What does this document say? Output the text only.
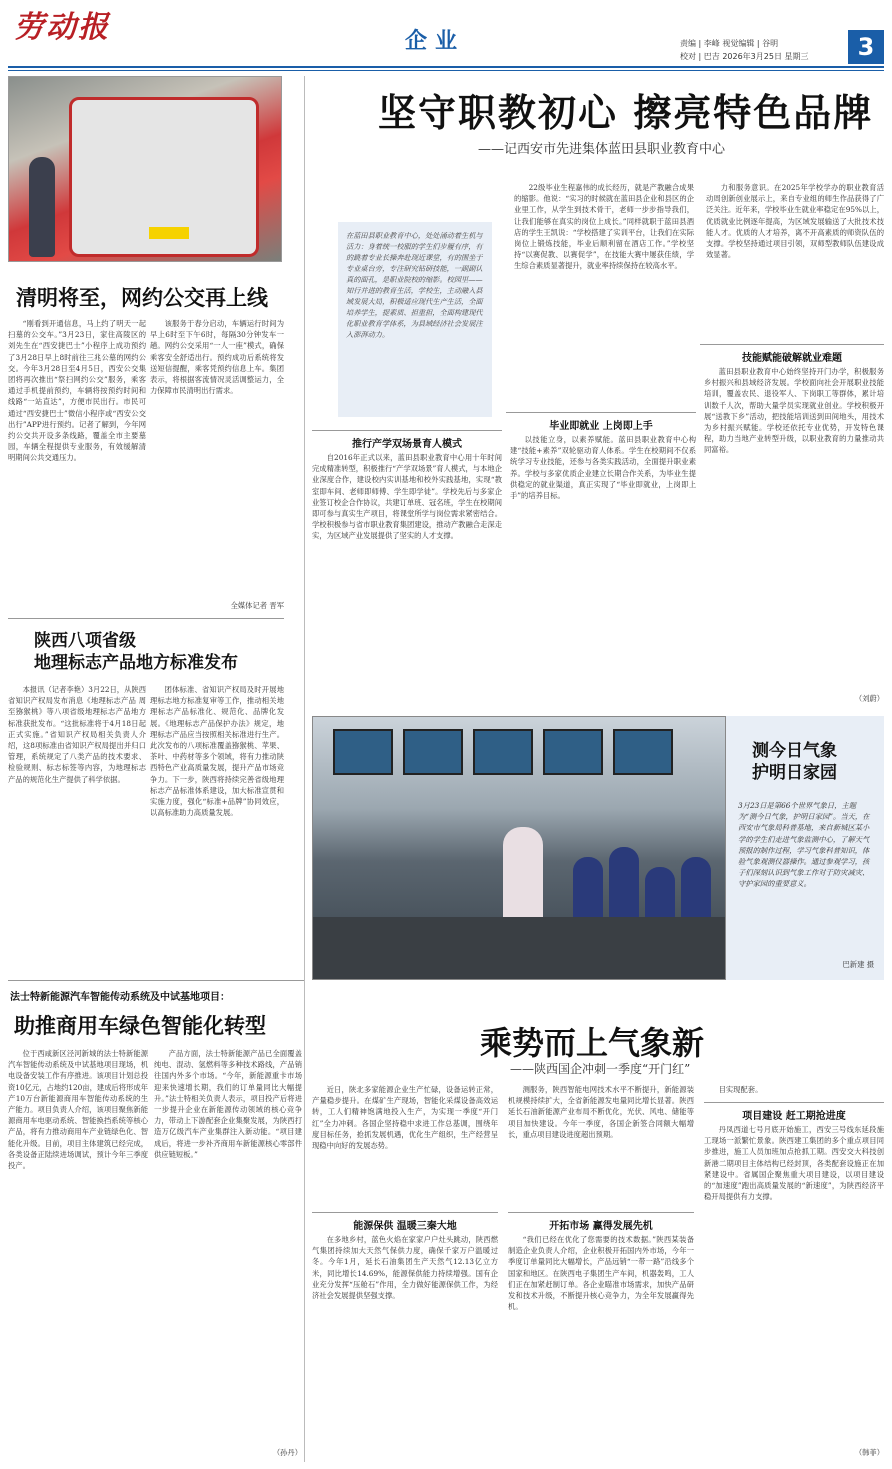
劳动报	企业	责编 | 李峰 视觉编辑 | 谷明
校对 | 巴吉 2026年3月25日 星期三	3
清明将至，网约公交再上线

“刚看到开通信息，马上约了明天一起扫墓的公交车。”3月23日，家住高陵区的刘先生在“西安捷巴士”小程序上成功预约了3月28日早上8时前往三兆公墓的网约公交。今年3月28日至4月5日，西安公交集团将再次推出“祭扫网约公交”服务，乘客通过手机提前预约，车辆将按预约时间和线路“一站直达”，方便市民出行。市民可通过“西安捷巴士”微信小程序或“西安公交出行”APP进行预约。记者了解到，今年网约公交共开设多条线路，覆盖全市主要墓园，车辆全程提供专业服务，有效缓解清明期间公共交通压力。

该服务于春分启动，车辆运行时间为早上6时至下午6时，每隔30分钟发车一趟。网约公交采用“一人一座”模式，确保乘客安全舒适出行。预约成功后系统将发送短信提醒，乘客凭预约信息上车。集团表示，将根据客流情况灵活调整运力，全力保障市民清明出行需求。

全媒体记者 晋军
陕西八项省级
地理标志产品地方标准发布

本报讯（记者李艳）3月22日，从陕西省知识产权局发布消息《地理标志产品 周至猕猴桃》等八项省级地理标志产品地方标准获批发布。“这批标准将于4月18日起正式实施。”省知识产权局相关负责人介绍，这8项标准由省知识产权局提出并归口管理，系统规定了八类产品的技术要求、检验规则、标志标签等内容，为地理标志产品的规范化生产提供了科学依据。

团体标准、省知识产权局及时开展地理标志地方标准复审等工作，推动相关地理标志产品标准化、规范化、品牌化发展。《地理标志产品保护办法》规定，地理标志产品应当按照相关标准进行生产。此次发布的八项标准覆盖猕猴桃、苹果、茶叶、中药材等多个领域，将有力推动陕西特色产业高质量发展，提升产品市场竞争力。下一步，陕西将持续完善省级地理标志产品标准体系建设，加大标准宣贯和实施力度，强化“标准+品牌”协同效应，以高标准助力高质量发展。

法士特新能源汽车智能传动系统及中试基地项目：
助推商用车绿色智能化转型

位于西咸新区泾河新城的法士特新能源汽车智能传动系统及中试基地项目现场，机电设备安装工作有序推进。该项目计划总投资10亿元，占地约120亩，建成后将形成年产10万台新能源商用车智能传动系统的生产能力。项目负责人介绍，该项目聚焦新能源商用车电驱动系统、智能换挡系统等核心产品，将有力推动商用车产业链绿色化、智能化升级。目前，项目主体建筑已经完成，各类设备正陆续进场调试，预计今年三季度投产。

产品方面，法士特新能源产品已全面覆盖纯电、混动、氢燃料等多种技术路线，产品销往国内外多个市场。“今年，新能源重卡市场迎来快速增长期，我们的订单量同比大幅提升。”法士特相关负责人表示，项目投产后将进一步提升企业在新能源传动领域的核心竞争力，带动上下游配套企业集聚发展，为陕西打造万亿级汽车产业集群注入新动能。“项目建成后，将进一步补齐商用车新能源核心零部件供应链短板。”

（孙丹）
坚守职教初心 擦亮特色品牌
——记西安市先进集体蓝田县职业教育中心
在蓝田县职业教育中心，处处涌动着生机与活力：身着统一校服的学生们步履有序，有的跳着专业长操奔赴现近课堂，有的围坐于专业桌台旁，专注研究钻研技能，一副副认真的面孔，是职业院校的缩影。校园里——知行并进的教育生活，学校生，主动融入县域发展大局，积极适应现代生产生活，全面培养学生，提素质、担重担，全面构建现代化职业教育学体系，为县域经济社会发展注入澎湃动力。

22级毕业生程嘉伟的成长经历，就是产教融合成果的缩影。他说：“实习的时候就在蓝田县企业和县区的企业里工作，从学生到技术骨干，老师一步步指导我们，让我们能够在真实的岗位上成长。”同样就职于蓝田县酒店的学生王凯说：“学校搭建了实训平台，让我们在实际岗位上锻炼技能，毕业后顺利留在酒店工作。”学校坚持“以赛促教、以赛促学”，在技能大赛中屡获佳绩，学生综合素质显著提升，就业率持续保持在较高水平。

力和服务意识。在2025年学校学办的职业教育活动周创新创业展示上，来自专业组的师生作品获得了广泛关注。近年来，学校毕业生就业率稳定在95%以上，优质就业比例逐年提高，为区域发展输送了大批技术技能人才。优质的人才培养，离不开高素质的师资队伍的支撑。学校坚持通过项目引领，双师型教师队伍建设成效显著。

推行产学双场景育人模式

自2016年正式以来，蓝田县职业教育中心用十年时间完成精准转型，积极推行“产学双场景”育人模式，与本地企业深度合作，建设校内实训基地和校外实践基地，实现“教室即车间、老师即师傅、学生即学徒”。学校先后与多家企业签订校企合作协议，共建订单班、冠名班，学生在校期间即可参与真实生产项目，将课堂所学与岗位需求紧密结合。学校积极参与省市职业教育集团建设，推动产教融合走深走实，为区域产业发展提供了坚实的人才支撑。

毕业即就业 上岗即上手

以技能立身，以素养赋能。蓝田县职业教育中心构建“技能+素养”双轮驱动育人体系。学生在校期间不仅系统学习专业技能，还参与各类实践活动，全面提升职业素养。学校与多家优质企业建立长期合作关系，为毕业生提供稳定的就业渠道，真正实现了“毕业即就业，上岗即上手”的培养目标。

技能赋能破解就业难题

蓝田县职业教育中心始终坚持开门办学，积极服务乡村振兴和县域经济发展。学校面向社会开展职业技能培训，覆盖农民、退役军人、下岗职工等群体，累计培训数千人次，帮助大量学员实现就业创业。学校积极开展“送教下乡”活动，把技能培训送到田间地头，用技术为乡村振兴赋能。学校还依托专业优势，开发特色课程，助力当地产业转型升级，以职业教育的力量推动共同富裕。

（刘蔚）
测今日气象
护明日家园
3月23日是第66个世界气象日，主题为“测今日气象，护明日家园”。当天，在西安市气象局科普基地，来自新城区某小学的学生们走进气象监测中心，了解天气预报的制作过程，学习气象科普知识，体验气象观测仪器操作。通过参观学习，孩子们深刻认识到气象工作对于防灾减灾、守护家园的重要意义。
巴新建 摄
乘势而上气象新
——陕西国企冲刺一季度“开门红”

近日，陕北多家能源企业生产忙碌，设备运转正常，产量稳步提升。在煤矿生产现场，智能化采煤设备高效运转，工人们精神饱满地投入生产，为实现一季度“开门红”全力冲刺。各国企坚持稳中求进工作总基调，围绕年度目标任务，抢抓发展机遇，优化生产组织，生产经营呈现稳中向好的发展态势。

能源保供 温暖三秦大地

在多地乡村，蓝色火焰在家家户户灶头跳动，陕西燃气集团持续加大天然气保供力度，确保千家万户温暖过冬。今年1月，延长石油集团生产天然气12.13亿立方米，同比增长14.69%，能源保供能力持续增强。国有企业充分发挥“压舱石”作用，全力做好能源保供工作，为经济社会发展提供坚强支撑。

测服务，陕西智能电网技术水平不断提升，新能源装机规模持续扩大，全省新能源发电量同比增长显著。陕西延长石油新能源产业布局不断优化，光伏、风电、储能等项目加快建设。今年一季度，各国企新签合同额大幅增长，重点项目建设进度超出预期。

开拓市场 赢得发展先机

“我们已经在优化了您需要的技术数据。”陕西某装备制造企业负责人介绍，企业积极开拓国内外市场，今年一季度订单量同比大幅增长，产品远销“一带一路”沿线多个国家和地区。在陕西电子集团生产车间，机器轰鸣，工人们正在加紧赶制订单。各企业瞄准市场需求，加快产品研发和技术升级，不断提升核心竞争力，为全年发展赢得先机。

目实现配套。

项目建设 赶工期抢进度

丹凤西道七号月底开始施工，西安三号线东延段施工现场一派繁忙景象。陕西建工集团的多个重点项目同步推进，施工人员加班加点抢抓工期。西安交大科技创新港二期项目主体结构已经封顶，各类配套设施正在加紧建设中。省属国企聚焦重大项目建设，以项目建设的“加速度”跑出高质量发展的“新速度”，为陕西经济平稳开局提供有力支撑。

（韩菲）
